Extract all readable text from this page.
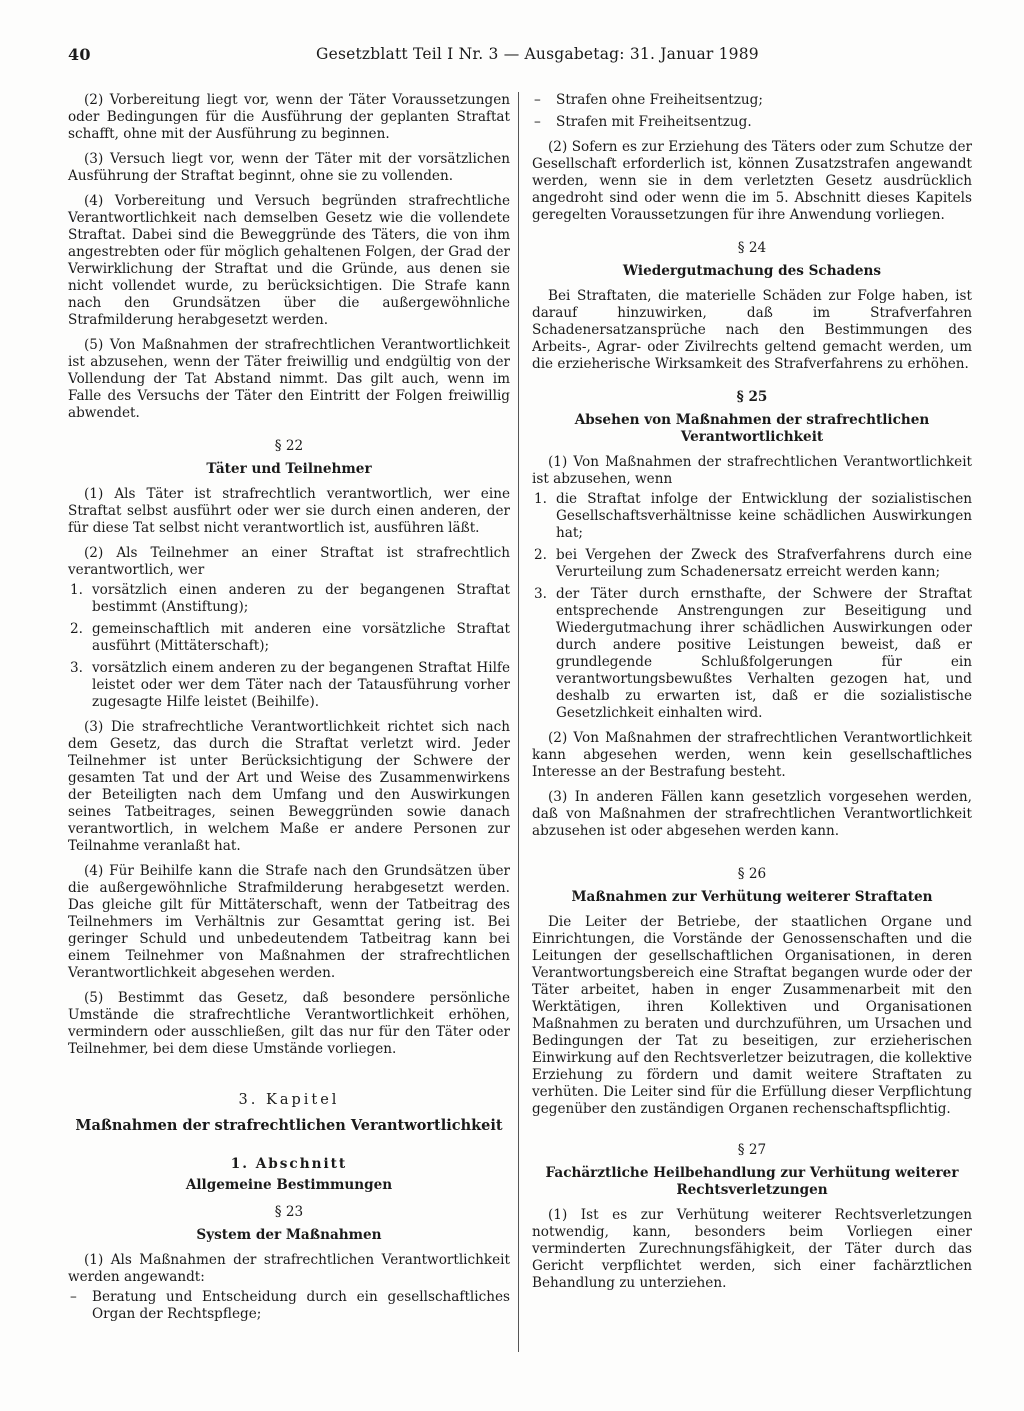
40	Gesetzblatt Teil I Nr. 3 — Ausgabetag: 31. Januar 1989

(2) Vorbereitung liegt vor, wenn der Täter Voraussetzungen oder Bedingungen für die Ausführung der geplanten Straftat schafft, ohne mit der Ausführung zu beginnen.

(3) Versuch liegt vor, wenn der Täter mit der vorsätzlichen Ausführung der Straftat beginnt, ohne sie zu vollenden.

(4) Vorbereitung und Versuch begründen strafrechtliche Verantwortlichkeit nach demselben Gesetz wie die vollendete Straftat. Dabei sind die Beweggründe des Täters, die von ihm angestrebten oder für möglich gehaltenen Folgen, der Grad der Verwirklichung der Straftat und die Gründe, aus denen sie nicht vollendet wurde, zu berücksichtigen. Die Strafe kann nach den Grundsätzen über die außergewöhnliche Strafmilderung herabgesetzt werden.

(5) Von Maßnahmen der strafrechtlichen Verantwortlichkeit ist abzusehen, wenn der Täter freiwillig und endgültig von der Vollendung der Tat Abstand nimmt. Das gilt auch, wenn im Falle des Versuchs der Täter den Eintritt der Folgen freiwillig abwendet.

§ 22
Täter und Teilnehmer

(1) Als Täter ist strafrechtlich verantwortlich, wer eine Straftat selbst ausführt oder wer sie durch einen anderen, der für diese Tat selbst nicht verantwortlich ist, ausführen läßt.

(2) Als Teilnehmer an einer Straftat ist strafrechtlich verantwortlich, wer

1. vorsätzlich einen anderen zu der begangenen Straftat bestimmt (Anstiftung);
2. gemeinschaftlich mit anderen eine vorsätzliche Straftat ausführt (Mittäterschaft);
3. vorsätzlich einem anderen zu der begangenen Straftat Hilfe leistet oder wer dem Täter nach der Tatausführung vorher zugesagte Hilfe leistet (Beihilfe).

(3) Die strafrechtliche Verantwortlichkeit richtet sich nach dem Gesetz, das durch die Straftat verletzt wird. Jeder Teilnehmer ist unter Berücksichtigung der Schwere der gesamten Tat und der Art und Weise des Zusammenwirkens der Beteiligten nach dem Umfang und den Auswirkungen seines Tatbeitrages, seinen Beweggründen sowie danach verantwortlich, in welchem Maße er andere Personen zur Teilnahme veranlaßt hat.

(4) Für Beihilfe kann die Strafe nach den Grundsätzen über die außergewöhnliche Strafmilderung herabgesetzt werden. Das gleiche gilt für Mittäterschaft, wenn der Tatbeitrag des Teilnehmers im Verhältnis zur Gesamttat gering ist. Bei geringer Schuld und unbedeutendem Tatbeitrag kann bei einem Teilnehmer von Maßnahmen der strafrechtlichen Verantwortlichkeit abgesehen werden.

(5) Bestimmt das Gesetz, daß besondere persönliche Umstände die strafrechtliche Verantwortlichkeit erhöhen, vermindern oder ausschließen, gilt das nur für den Täter oder Teilnehmer, bei dem diese Umstände vorliegen.

3. Kapitel
Maßnahmen der strafrechtlichen Verantwortlichkeit
1. Abschnitt
Allgemeine Bestimmungen
§ 23
System der Maßnahmen

(1) Als Maßnahmen der strafrechtlichen Verantwortlichkeit werden angewandt:

– Beratung und Entscheidung durch ein gesellschaftliches Organ der Rechtspflege;
– Strafen ohne Freiheitsentzug;
– Strafen mit Freiheitsentzug.

(2) Sofern es zur Erziehung des Täters oder zum Schutze der Gesellschaft erforderlich ist, können Zusatzstrafen angewandt werden, wenn sie in dem verletzten Gesetz ausdrücklich angedroht sind oder wenn die im 5. Abschnitt dieses Kapitels geregelten Voraussetzungen für ihre Anwendung vorliegen.

§ 24
Wiedergutmachung des Schadens

Bei Straftaten, die materielle Schäden zur Folge haben, ist darauf hinzuwirken, daß im Strafverfahren Schadenersatzansprüche nach den Bestimmungen des Arbeits-, Agrar- oder Zivilrechts geltend gemacht werden, um die erzieherische Wirksamkeit des Strafverfahrens zu erhöhen.

§ 25
Absehen von Maßnahmen der strafrechtlichen Verantwortlichkeit

(1) Von Maßnahmen der strafrechtlichen Verantwortlichkeit ist abzusehen, wenn

1. die Straftat infolge der Entwicklung der sozialistischen Gesellschaftsverhältnisse keine schädlichen Auswirkungen hat;
2. bei Vergehen der Zweck des Strafverfahrens durch eine Verurteilung zum Schadenersatz erreicht werden kann;
3. der Täter durch ernsthafte, der Schwere der Straftat entsprechende Anstrengungen zur Beseitigung und Wiedergutmachung ihrer schädlichen Auswirkungen oder durch andere positive Leistungen beweist, daß er grundlegende Schlußfolgerungen für ein verantwortungsbewußtes Verhalten gezogen hat, und deshalb zu erwarten ist, daß er die sozialistische Gesetzlichkeit einhalten wird.

(2) Von Maßnahmen der strafrechtlichen Verantwortlichkeit kann abgesehen werden, wenn kein gesellschaftliches Interesse an der Bestrafung besteht.

(3) In anderen Fällen kann gesetzlich vorgesehen werden, daß von Maßnahmen der strafrechtlichen Verantwortlichkeit abzusehen ist oder abgesehen werden kann.

§ 26
Maßnahmen zur Verhütung weiterer Straftaten

Die Leiter der Betriebe, der staatlichen Organe und Einrichtungen, die Vorstände der Genossenschaften und die Leitungen der gesellschaftlichen Organisationen, in deren Verantwortungsbereich eine Straftat begangen wurde oder der Täter arbeitet, haben in enger Zusammenarbeit mit den Werktätigen, ihren Kollektiven und Organisationen Maßnahmen zu beraten und durchzuführen, um Ursachen und Bedingungen der Tat zu beseitigen, zur erzieherischen Einwirkung auf den Rechtsverletzer beizutragen, die kollektive Erziehung zu fördern und damit weitere Straftaten zu verhüten. Die Leiter sind für die Erfüllung dieser Verpflichtung gegenüber den zuständigen Organen rechenschaftspflichtig.

§ 27
Fachärztliche Heilbehandlung zur Verhütung weiterer Rechtsverletzungen

(1) Ist es zur Verhütung weiterer Rechtsverletzungen notwendig, kann, besonders beim Vorliegen einer verminderten Zurechnungsfähigkeit, der Täter durch das Gericht verpflichtet werden, sich einer fachärztlichen Behandlung zu unterziehen.
